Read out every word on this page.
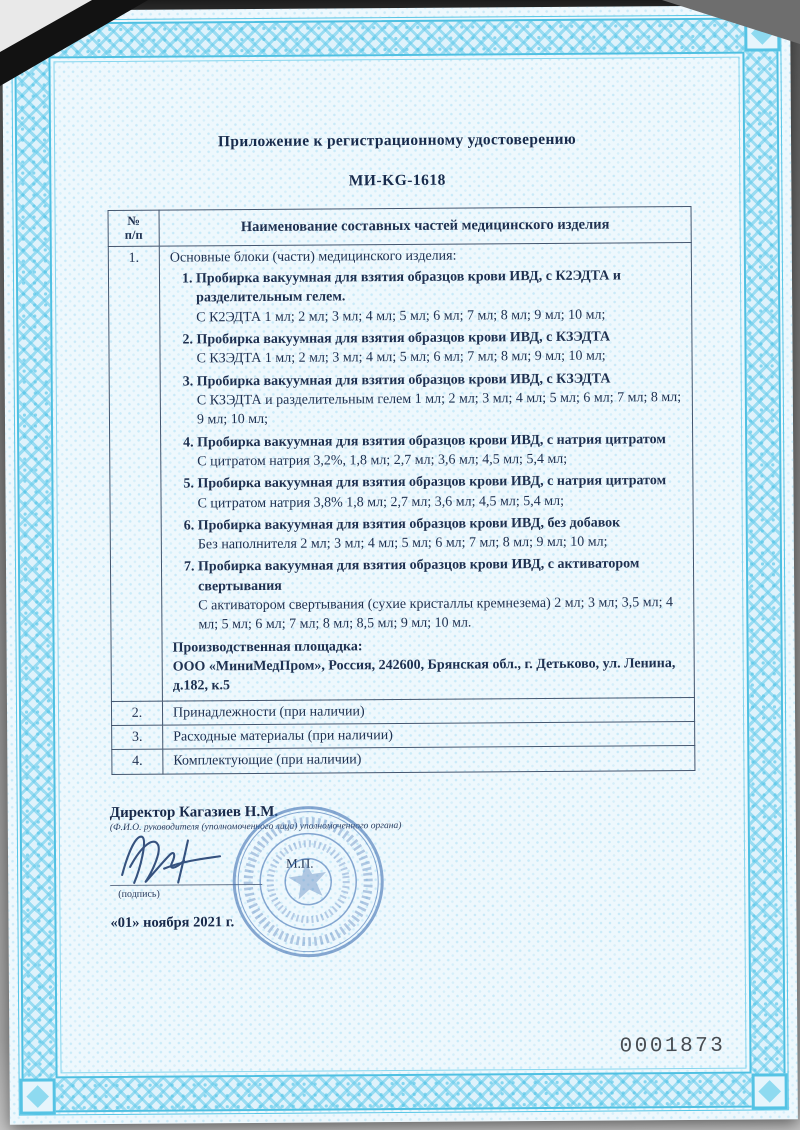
Приложение к регистрационному удостоверению
МИ-KG-1618
№
п/п	Наименование составных частей медицинского изделия
1.	Основные блоки (части) медицинского изделия:
1. Пробирка вакуумная для взятия образцов крови ИВД, с К2ЭДТА и разделительным гелем.
С К2ЭДТА 1 мл; 2 мл; 3 мл; 4 мл; 5 мл; 6 мл; 7 мл; 8 мл; 9 мл; 10 мл;
2. Пробирка вакуумная для взятия образцов крови ИВД, с КЗЭДТА
С КЗЭДТА 1 мл; 2 мл; 3 мл; 4 мл; 5 мл; 6 мл; 7 мл; 8 мл; 9 мл; 10 мл;
3. Пробирка вакуумная для взятия образцов крови ИВД, с КЗЭДТА
С КЗЭДТА и разделительным гелем 1 мл; 2 мл; 3 мл; 4 мл; 5 мл; 6 мл; 7 мл; 8 мл; 9 мл; 10 мл;
4. Пробирка вакуумная для взятия образцов крови ИВД, с натрия цитратом
С цитратом натрия 3,2%, 1,8 мл; 2,7 мл; 3,6 мл; 4,5 мл; 5,4 мл;
5. Пробирка вакуумная для взятия образцов крови ИВД, с натрия цитратом
С цитратом натрия 3,8% 1,8 мл; 2,7 мл; 3,6 мл; 4,5 мл; 5,4 мл;
6. Пробирка вакуумная для взятия образцов крови ИВД, без добавок
Без наполнителя 2 мл; 3 мл; 4 мл; 5 мл; 6 мл; 7 мл; 8 мл; 9 мл; 10 мл;
7. Пробирка вакуумная для взятия образцов крови ИВД, с активатором свертывания
С активатором свертывания (сухие кристаллы кремнезема) 2 мл; 3 мл; 3,5 мл; 4 мл; 5 мл; 6 мл; 7 мл; 8 мл; 8,5 мл; 9 мл; 10 мл.
Производственная площадка:
ООО «МиниМедПром», Россия, 242600, Брянская обл., г. Детьково, ул. Ленина, д.182, к.5

2.	Принадлежности (при наличии)
3.	Расходные материалы (при наличии)
4.	Комплектующие (при наличии)
Директор Кагазиев Н.М.
(Ф.И.О. руководителя (уполномоченного лица) уполномоченного органа)
(подпись)
М.П.
«01» ноября 2021 г.
0001873
